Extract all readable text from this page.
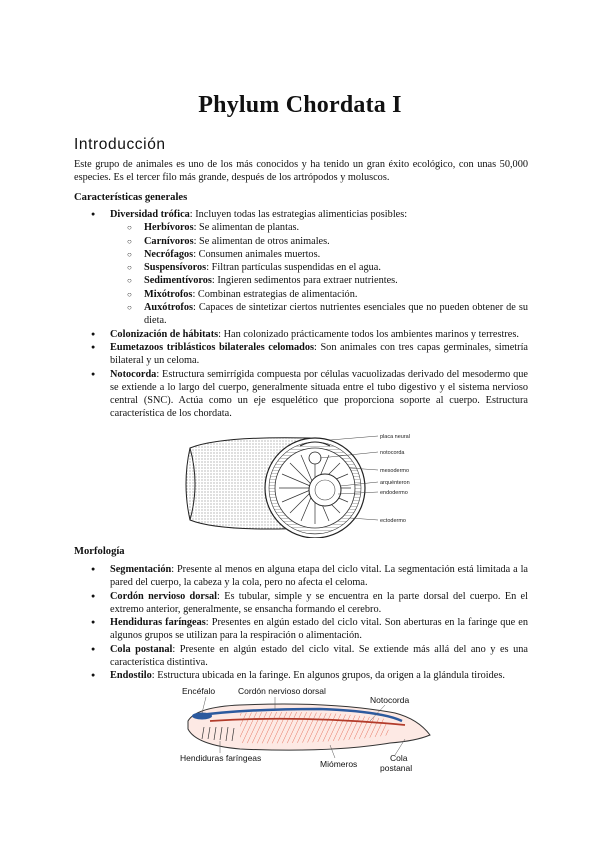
Phylum Chordata I
Introducción

Este grupo de animales es uno de los más conocidos y ha tenido un gran éxito ecológico, con unas 50,000 especies. Es el tercer filo más grande, después de los artrópodos y moluscos.

Características generales

● Diversidad trófica: Incluyen todas las estrategias alimenticias posibles:
○ Herbívoros: Se alimentan de plantas.
○ Carnívoros: Se alimentan de otros animales.
○ Necrófagos: Consumen animales muertos.
○ Suspensívoros: Filtran partículas suspendidas en el agua.
○ Sedimentívoros: Ingieren sedimentos para extraer nutrientes.
○ Mixótrofos: Combinan estrategias de alimentación.
○ Auxótrofos: Capaces de sintetizar ciertos nutrientes esenciales que no pueden obtener de su dieta.
● Colonización de hábitats: Han colonizado prácticamente todos los ambientes marinos y terrestres.
● Eumetazoos triblásticos bilaterales celomados: Son animales con tres capas germinales, simetría bilateral y un celoma.
● Notocorda: Estructura semirrígida compuesta por células vacuolizadas derivado del mesodermo que se extiende a lo largo del cuerpo, generalmente situada entre el tubo digestivo y el sistema nervioso central (SNC). Actúa como un eje esquelético que proporciona soporte al cuerpo. Estructura característica de los chordata.
placa neural
notocorda
mesodermo
arquénteron
endodermo
ectodermo

Morfología

● Segmentación: Presente al menos en alguna etapa del ciclo vital. La segmentación está limitada a la pared del cuerpo, la cabeza y la cola, pero no afecta el celoma.
● Cordón nervioso dorsal: Es tubular, simple y se encuentra en la parte dorsal del cuerpo. En el extremo anterior, generalmente, se ensancha formando el cerebro.
● Hendiduras faríngeas: Presentes en algún estado del ciclo vital. Son aberturas en la faringe que en algunos grupos se utilizan para la respiración o alimentación.
● Cola postanal: Presente en algún estado del ciclo vital. Se extiende más allá del ano y es una característica distintiva.
● Endostilo: Estructura ubicada en la faringe. En algunos grupos, da origen a la glándula tiroides.
Encéfalo	Cordón nervioso dorsal
Notocorda
Hendiduras faríngeas
Miómeros
Cola
postanal
